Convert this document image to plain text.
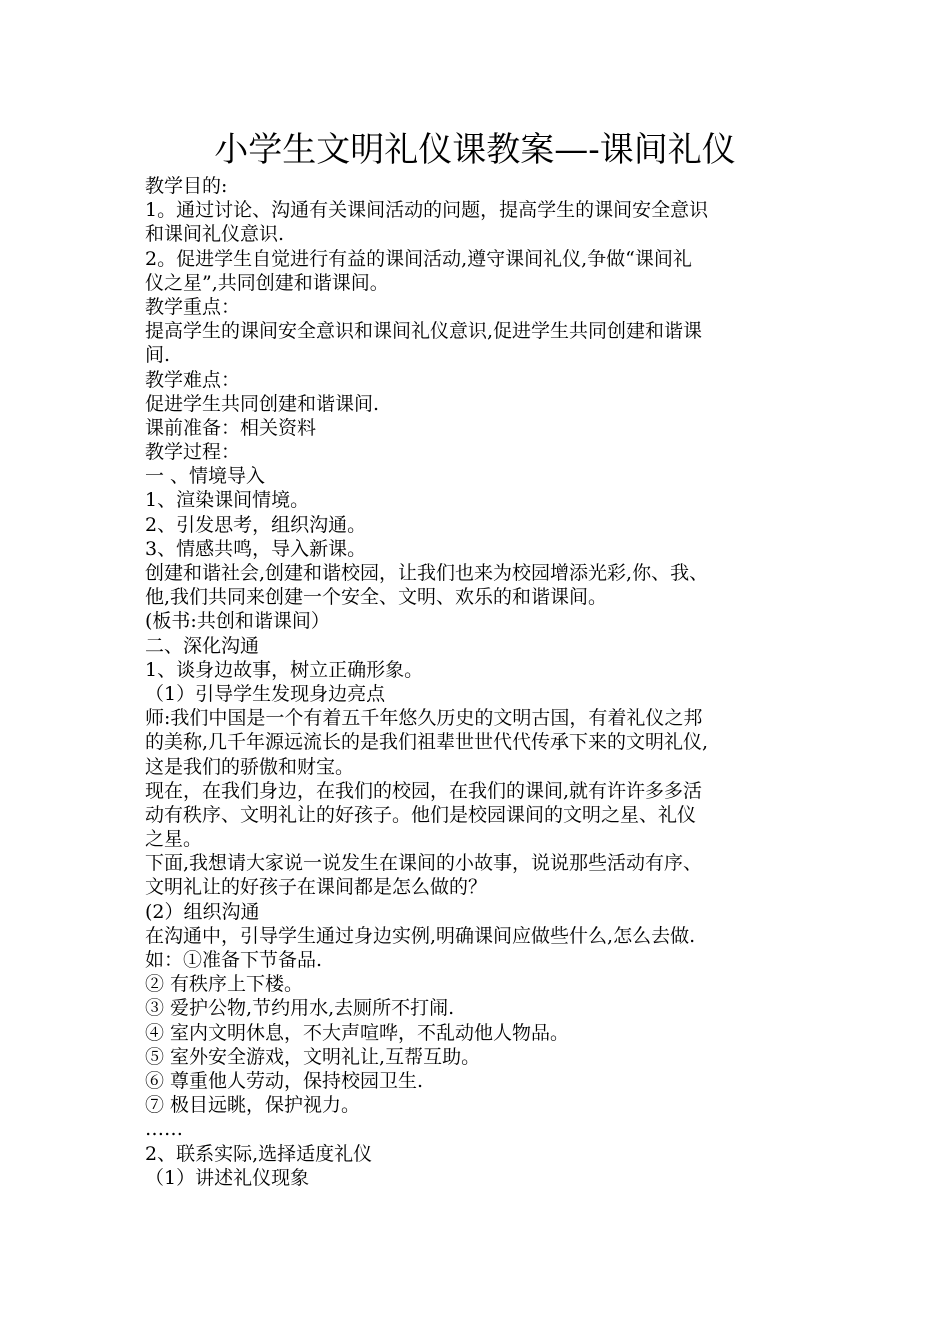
小学生文明礼仪课教案—-课间礼仪
教学目的:
1。通过讨论、沟通有关课间活动的问题，提高学生的课间安全意识
和课间礼仪意识.
2。促进学生自觉进行有益的课间活动,遵守课间礼仪,争做“课间礼
仪之星”,共同创建和谐课间。
教学重点：
提高学生的课间安全意识和课间礼仪意识,促进学生共同创建和谐课
间.
教学难点：
促进学生共同创建和谐课间.
课前准备：相关资料
教学过程：
一 、情境导入
1、渲染课间情境。
2、引发思考，组织沟通。
3、情感共鸣，导入新课。
创建和谐社会,创建和谐校园，让我们也来为校园增添光彩,你、我、
他,我们共同来创建一个安全、文明、欢乐的和谐课间。
(板书:共创和谐课间）
二、深化沟通
1、谈身边故事，树立正确形象。
（1）引导学生发现身边亮点
师:我们中国是一个有着五千年悠久历史的文明古国，有着礼仪之邦
的美称,几千年源远流长的是我们祖辈世世代代传承下来的文明礼仪,
这是我们的骄傲和财宝。
现在，在我们身边，在我们的校园，在我们的课间,就有许许多多活
动有秩序、文明礼让的好孩子。他们是校园课间的文明之星、礼仪
之星。
下面,我想请大家说一说发生在课间的小故事，说说那些活动有序、
文明礼让的好孩子在课间都是怎么做的？
(2）组织沟通
在沟通中，引导学生通过身边实例,明确课间应做些什么,怎么去做.
如：①准备下节备品.
② 有秩序上下楼。
③ 爱护公物,节约用水,去厕所不打闹.
④ 室内文明休息，不大声喧哗，不乱动他人物品。
⑤ 室外安全游戏，文明礼让,互帮互助。
⑥ 尊重他人劳动，保持校园卫生.
⑦ 极目远眺，保护视力。
……
2、联系实际,选择适度礼仪
（1）讲述礼仪现象
